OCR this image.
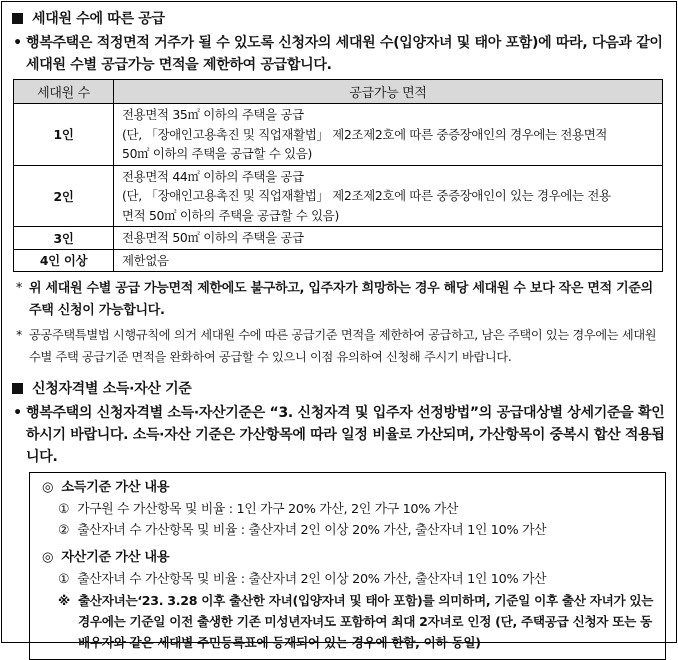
세대원 수에 따른 공급
• 행복주택은 적정면적 거주가 될 수 있도록 신청자의 세대원 수(입양자녀 및 태아 포함)에 따라, 다음과 같이 세대원 수별 공급가능 면적을 제한하여 공급합니다.
세대원 수	공급가능 면적
1인	전용면적 35㎡ 이하의 주택을 공급
(단, 「장애인고용촉진 및 직업재활법」 제2조제2호에 따른 중증장애인의 경우에는 전용면적
50㎡ 이하의 주택을 공급할 수 있음)

2인	전용면적 44㎡ 이하의 주택을 공급
(단, 「장애인고용촉진 및 직업재활법」 제2조제2호에 따른 중증장애인이 있는 경우에는 전용
면적 50㎡ 이하의 주택을 공급할 수 있음)

3인	전용면적 50㎡ 이하의 주택을 공급

4인 이상	제한없음
* 위 세대원 수별 공급 가능면적 제한에도 불구하고, 입주자가 희망하는 경우 해당 세대원 수 보다 작은 면적 기준의 주택 신청이 가능합니다.
* 공공주택특별법 시행규칙에 의거 세대원 수에 따른 공급기준 면적을 제한하여 공급하고, 남은 주택이 있는 경우에는 세대원 수별 주택 공급기준 면적을 완화하여 공급할 수 있으니 이점 유의하여 신청해 주시기 바랍니다.
신청자격별 소득·자산 기준
• 행복주택의 신청자격별 소득·자산기준은 “3. 신청자격 및 입주자 선정방법”의 공급대상별 상세기준을 확인하시기 바랍니다. 소득·자산 기준은 가산항목에 따라 일정 비율로 가산되며, 가산항목이 중복시 합산 적용됩니다.
◎ 소득기준 가산 내용
① 가구원 수 가산항목 및 비율 : 1인 가구 20% 가산, 2인 가구 10% 가산
② 출산자녀 수 가산항목 및 비율 : 출산자녀 2인 이상 20% 가산, 출산자녀 1인 10% 가산
◎ 자산기준 가산 내용
① 출산자녀 수 가산항목 및 비율 : 출산자녀 2인 이상 20% 가산, 출산자녀 1인 10% 가산
※ 출산자녀는‘23. 3.28 이후 출산한 자녀(입양자녀 및 태아 포함)를 의미하며, 기준일 이후 출산 자녀가 있는 경우에는 기준일 이전 출생한 기존 미성년자녀도 포함하여 최대 2자녀로 인정 (단, 주택공급 신청자 또는 동 배우자와 같은 세대별 주민등록표에 등재되어 있는 경우에 한함, 이하 동일)
